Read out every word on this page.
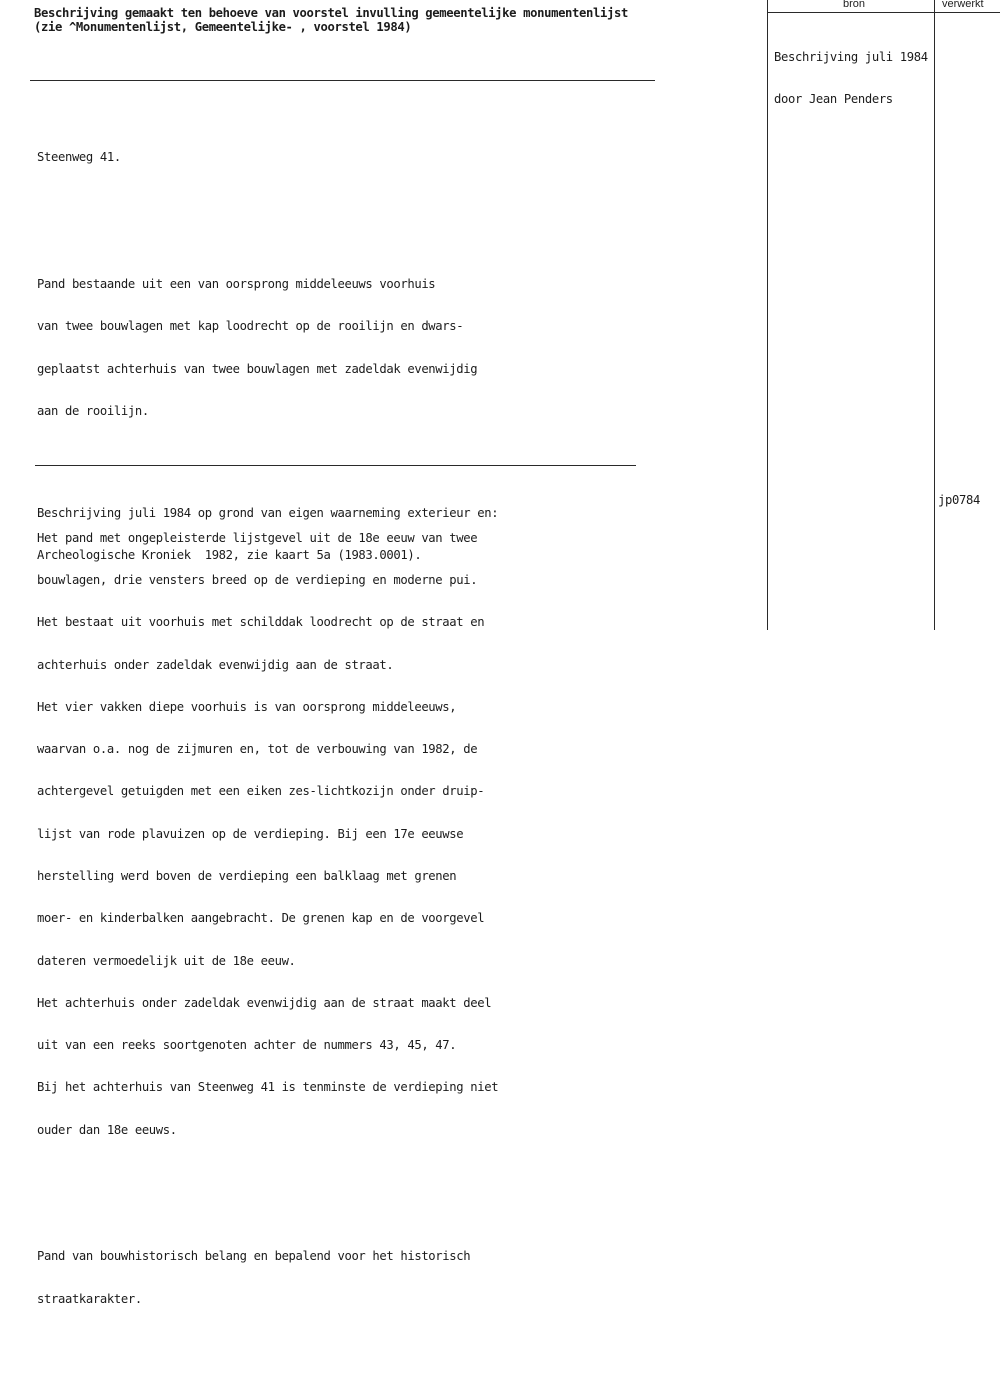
Beschrijving gemaakt ten behoeve van voorstel invulling gemeentelijke monumentenlijst
(zie ^Monumentenlijst, Gemeentelijke- , voorstel 1984)
bron	verwerkt

Beschrijving juli 1984

door Jean Penders

Steenweg 41.

Pand bestaande uit een van oorsprong middeleeuws voorhuis

van twee bouwlagen met kap loodrecht op de rooilijn en dwars-

geplaatst achterhuis van twee bouwlagen met zadeldak evenwijdig

aan de rooilijn.

Het pand met ongepleisterde lijstgevel uit de 18e eeuw van twee

bouwlagen, drie vensters breed op de verdieping en moderne pui.

Het bestaat uit voorhuis met schilddak loodrecht op de straat en

achterhuis onder zadeldak evenwijdig aan de straat.

Het vier vakken diepe voorhuis is van oorsprong middeleeuws,

waarvan o.a. nog de zijmuren en, tot de verbouwing van 1982, de

achtergevel getuigden met een eiken zes-lichtkozijn onder druip-

lijst van rode plavuizen op de verdieping. Bij een 17e eeuwse

herstelling werd boven de verdieping een balklaag met grenen

moer- en kinderbalken aangebracht. De grenen kap en de voorgevel

dateren vermoedelijk uit de 18e eeuw.

Het achterhuis onder zadeldak evenwijdig aan de straat maakt deel

uit van een reeks soortgenoten achter de nummers 43, 45, 47.

Bij het achterhuis van Steenweg 41 is tenminste de verdieping niet

ouder dan 18e eeuws.

Pand van bouwhistorisch belang en bepalend voor het historisch

straatkarakter.

Beschrijving juli 1984 op grond van eigen waarneming exterieur en:

Archeologische Kroniek  1982, zie kaart 5a (1983.0001).

jp0784
